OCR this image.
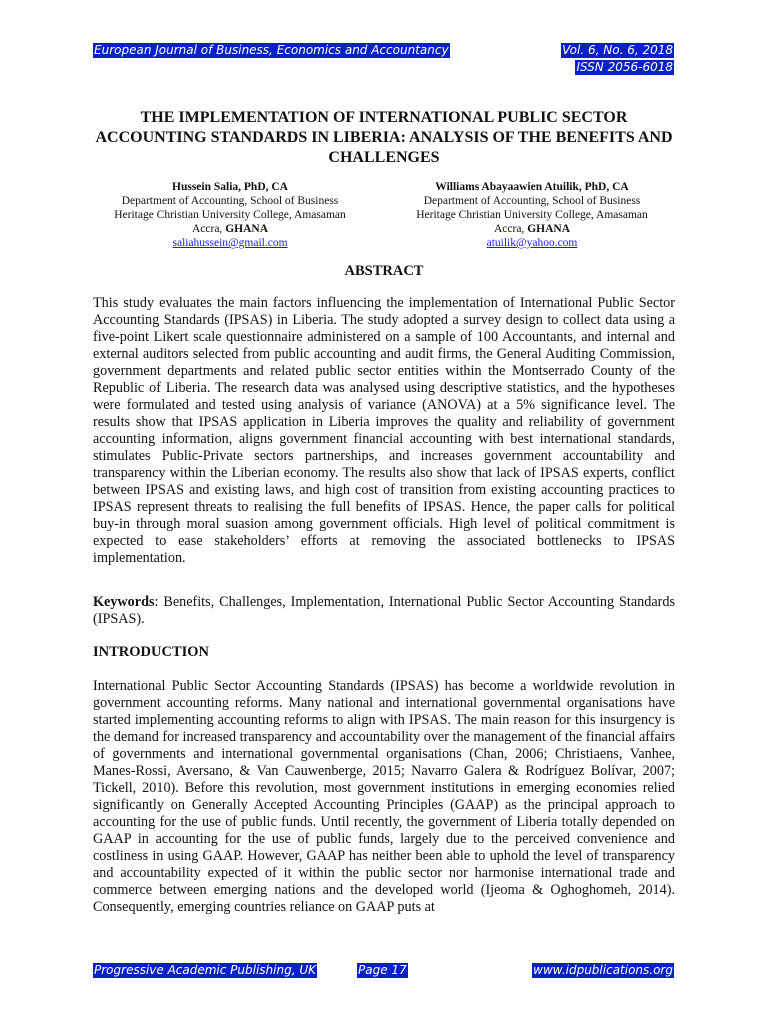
European Journal of Business, Economics and Accountancy	Vol. 6, No. 6, 2018
ISSN 2056-6018
THE IMPLEMENTATION OF INTERNATIONAL PUBLIC SECTOR ACCOUNTING STANDARDS IN LIBERIA: ANALYSIS OF THE BENEFITS AND CHALLENGES
Hussein Salia, PhD, CA
Department of Accounting, School of Business
Heritage Christian University College, Amasaman
Accra, GHANA
saliahussein@gmail.com
Williams Abayaawien Atuilik, PhD, CA
Department of Accounting, School of Business
Heritage Christian University College, Amasaman
Accra, GHANA
atuilik@yahoo.com
ABSTRACT

This study evaluates the main factors influencing the implementation of International Public Sector Accounting Standards (IPSAS) in Liberia. The study adopted a survey design to collect data using a five-point Likert scale questionnaire administered on a sample of 100 Accountants, and internal and external auditors selected from public accounting and audit firms, the General Auditing Commission, government departments and related public sector entities within the Montserrado County of the Republic of Liberia. The research data was analysed using descriptive statistics, and the hypotheses were formulated and tested using analysis of variance (ANOVA) at a 5% significance level. The results show that IPSAS application in Liberia improves the quality and reliability of government accounting information, aligns government financial accounting with best international standards, stimulates Public-Private sectors partnerships, and increases government accountability and transparency within the Liberian economy. The results also show that lack of IPSAS experts, conflict between IPSAS and existing laws, and high cost of transition from existing accounting practices to IPSAS represent threats to realising the full benefits of IPSAS. Hence, the paper calls for political buy-in through moral suasion among government officials. High level of political commitment is expected to ease stakeholders’ efforts at removing the associated bottlenecks to IPSAS implementation.

Keywords: Benefits, Challenges, Implementation, International Public Sector Accounting Standards (IPSAS).

INTRODUCTION

International Public Sector Accounting Standards (IPSAS) has become a worldwide revolution in government accounting reforms. Many national and international governmental organisations have started implementing accounting reforms to align with IPSAS. The main reason for this insurgency is the demand for increased transparency and accountability over the management of the financial affairs of governments and international governmental organisations (Chan, 2006; Christiaens, Vanhee, Manes-Rossi, Aversano, & Van Cauwenberge, 2015; Navarro Galera & Rodríguez Bolívar, 2007; Tickell, 2010). Before this revolution, most government institutions in emerging economies relied significantly on Generally Accepted Accounting Principles (GAAP) as the principal approach to accounting for the use of public funds. Until recently, the government of Liberia totally depended on GAAP in accounting for the use of public funds, largely due to the perceived convenience and costliness in using GAAP. However, GAAP has neither been able to uphold the level of transparency and accountability expected of it within the public sector nor harmonise international trade and commerce between emerging nations and the developed world (Ijeoma & Oghoghomeh, 2014). Consequently, emerging countries reliance on GAAP puts at

Progressive Academic Publishing, UK	Page 17	www.idpublications.org
